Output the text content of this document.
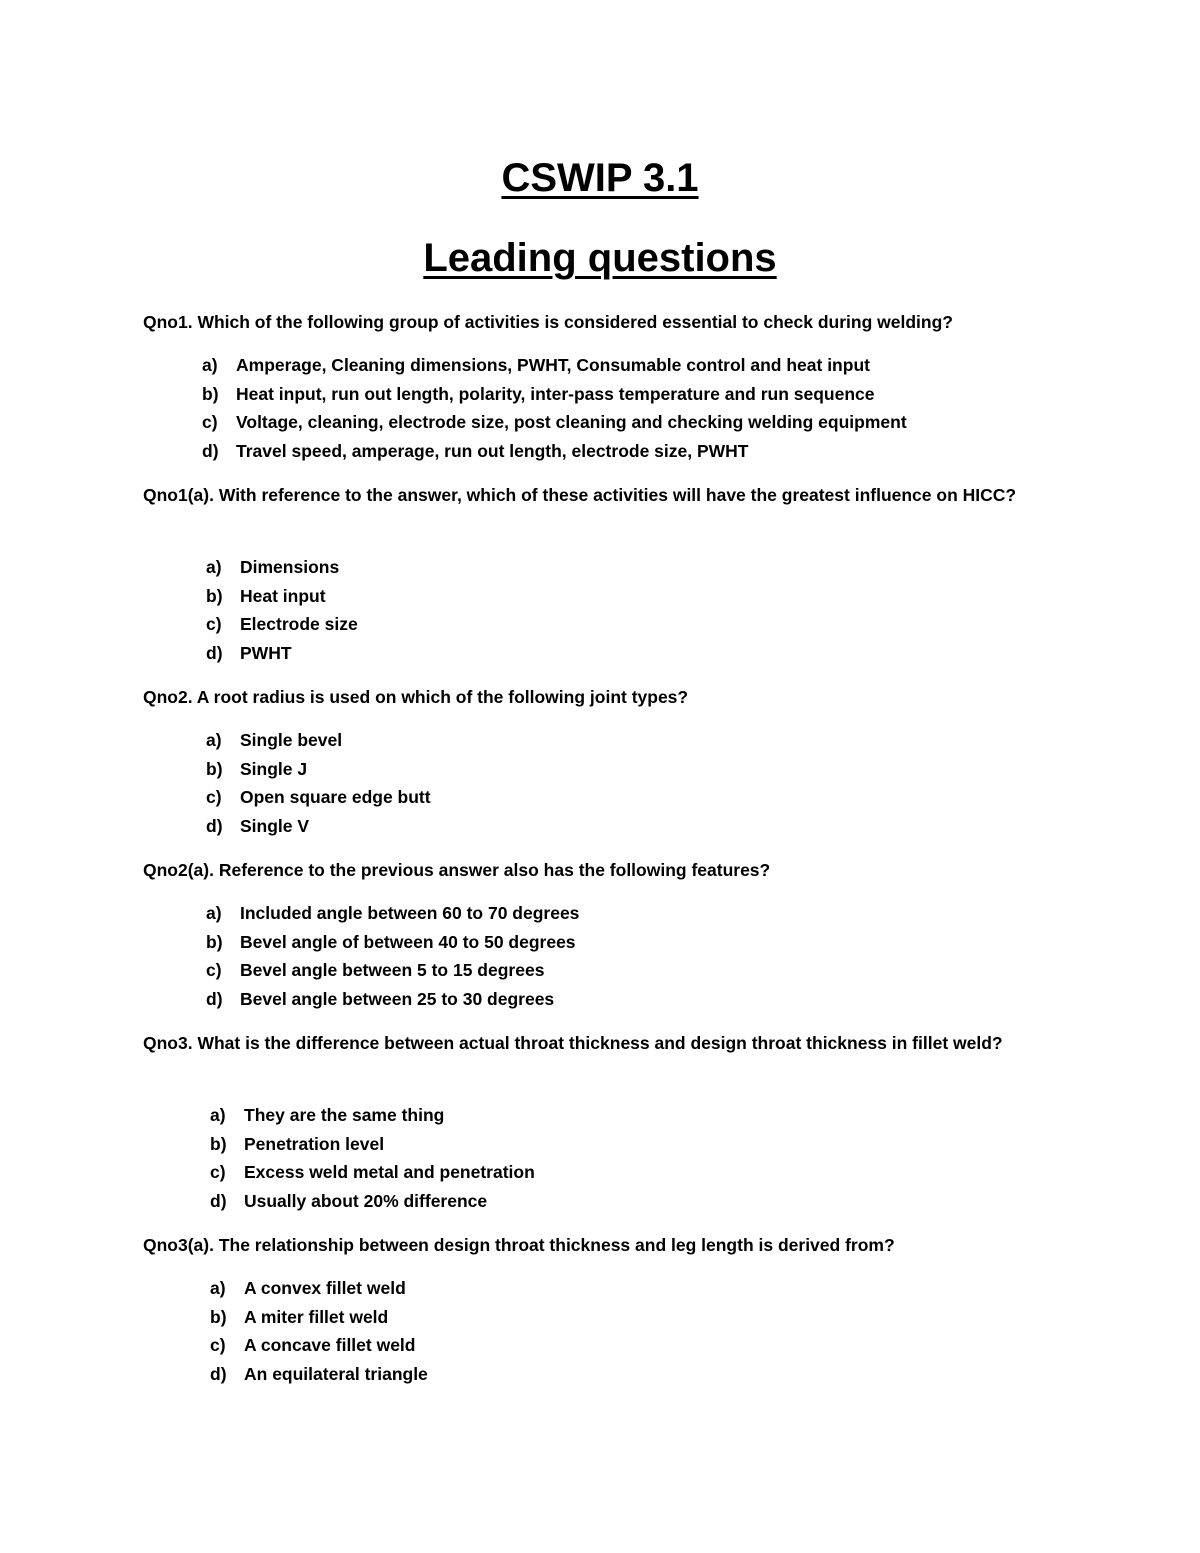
CSWIP 3.1
Leading questions

Qno1. Which of the following group of activities is considered essential to check during welding?

a) Amperage, Cleaning dimensions, PWHT, Consumable control and heat input
b) Heat input, run out length, polarity, inter-pass temperature and run sequence
c) Voltage, cleaning, electrode size, post cleaning and checking welding equipment
d) Travel speed, amperage, run out length, electrode size, PWHT

Qno1(a). With reference to the answer, which of these activities will have the greatest influence on HICC?

a) Dimensions
b) Heat input
c) Electrode size
d) PWHT

Qno2. A root radius is used on which of the following joint types?

a) Single bevel
b) Single J
c) Open square edge butt
d) Single V

Qno2(a). Reference to the previous answer also has the following features?

a) Included angle between 60 to 70 degrees
b) Bevel angle of between 40 to 50 degrees
c) Bevel angle between 5 to 15 degrees
d) Bevel angle between 25 to 30 degrees

Qno3. What is the difference between actual throat thickness and design throat thickness in fillet weld?

a) They are the same thing
b) Penetration level
c) Excess weld metal and penetration
d) Usually about 20% difference

Qno3(a). The relationship between design throat thickness and leg length is derived from?

a) A convex fillet weld
b) A miter fillet weld
c) A concave fillet weld
d) An equilateral triangle
